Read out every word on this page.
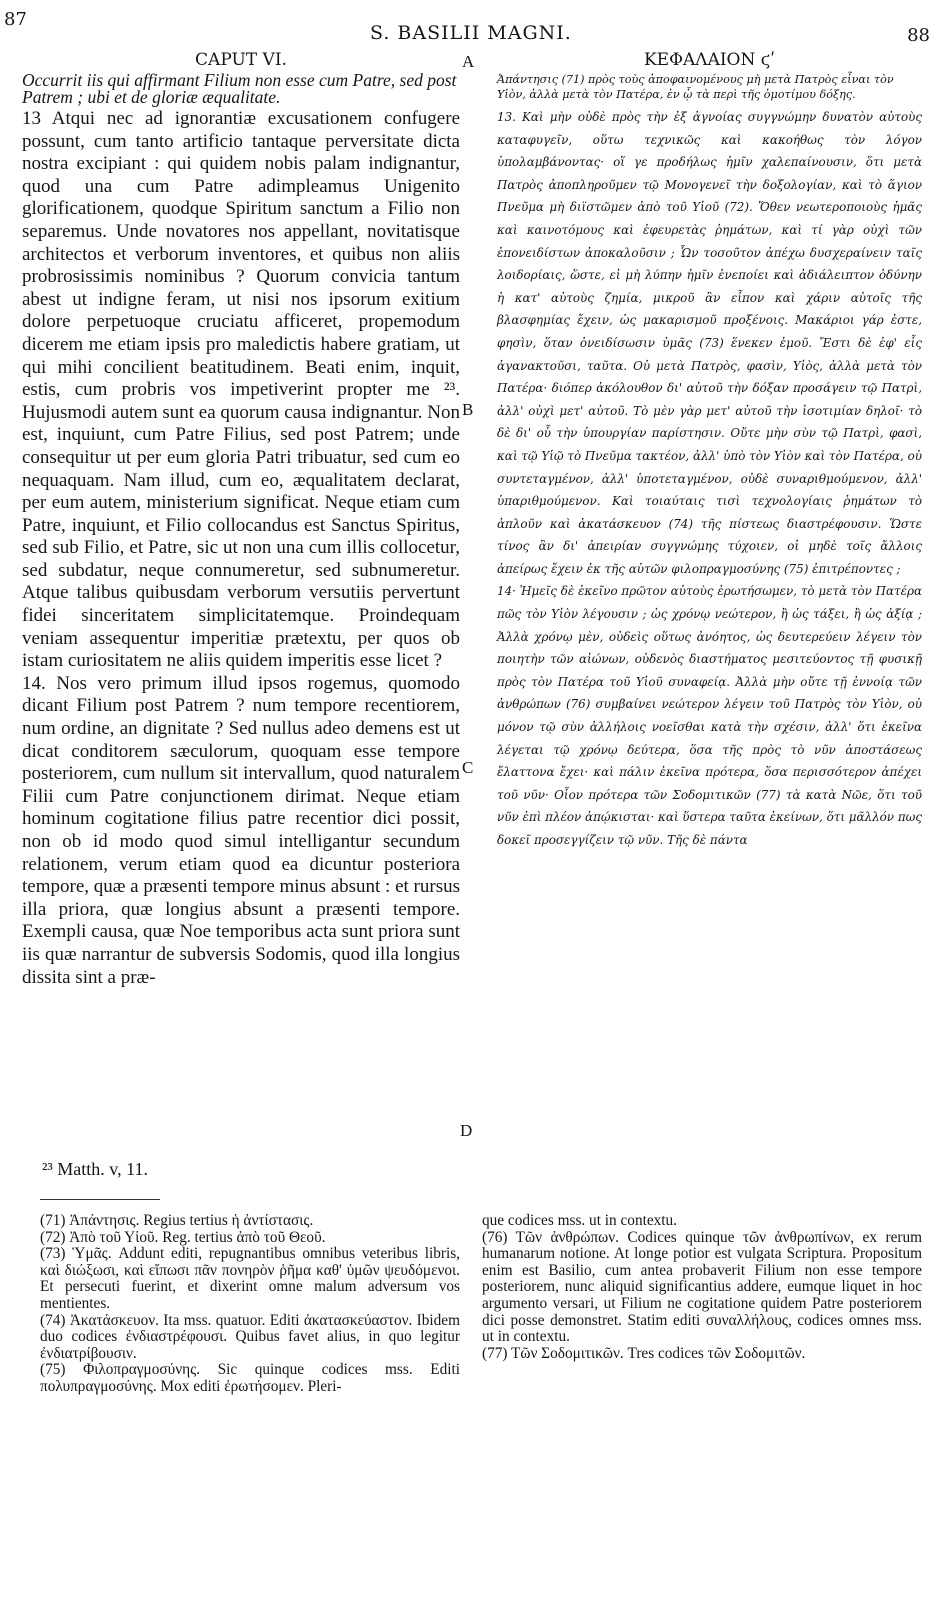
87
S. BASILII MAGNI.	88
CAPUT VI.
Occurrit iis qui affirmant Filium non esse cum Patre, sed post Patrem ; ubi et de gloriæ æqualitate.
13 Atqui nec ad ignorantiæ excusationem confugere possunt, cum tanto artificio tantaque perversitate dicta nostra excipiant : qui quidem nobis palam indignantur, quod una cum Patre adimpleamus Unigenito glorificationem, quodque Spiritum sanctum a Filio non separemus. Unde novatores nos appellant, novitatisque architectos et verborum inventores, et quibus non aliis probrosissimis nominibus ? Quorum convicia tantum abest ut indigne feram, ut nisi nos ipsorum exitium dolore perpetuoque cruciatu afficeret, propemodum dicerem me etiam ipsis pro maledictis habere gratiam, ut qui mihi concilient beatitudinem. Beati enim, inquit, estis, cum probris vos impetiverint propter me ²³. Hujusmodi autem sunt ea quorum causa indignantur. Non est, inquiunt, cum Patre Filius, sed post Patrem; unde consequitur ut per eum gloria Patri tribuatur, sed cum eo nequaquam. Nam illud, cum eo, æqualitatem declarat, per eum autem, ministerium significat. Neque etiam cum Patre, inquiunt, et Filio collocandus est Sanctus Spiritus, sed sub Filio, et Patre, sic ut non una cum illis collocetur, sed subdatur, neque connumeretur, sed subnumeretur. Atque talibus quibusdam verborum versutiis pervertunt fidei sinceritatem simplicitatemque. Proindequam veniam assequentur imperitiæ prætextu, per quos ob istam curiositatem ne aliis quidem imperitis esse licet ?
14. Nos vero primum illud ipsos rogemus, quomodo dicant Filium post Patrem ? num tempore recentiorem, num ordine, an dignitate ? Sed nullus adeo demens est ut dicat conditorem sæculorum, quoquam esse tempore posteriorem, cum nullum sit intervallum, quod naturalem Filii cum Patre conjunctionem dirimat. Neque etiam hominum cogitatione filius patre recentior dici possit, non ob id modo quod simul intelligantur secundum relationem, verum etiam quod ea dicuntur posteriora tempore, quæ a præsenti tempore minus absunt : et rursus illa priora, quæ longius absunt a præsenti tempore. Exempli causa, quæ Noe temporibus acta sunt priora sunt iis quæ narrantur de subversis Sodomis, quod illa longius dissita sint a præ-
A
B
C
D
ΚΕΦΑΛΑΙΟΝ ϛʹ
Ἀπάντησις (71) πρὸς τοὺς ἀποφαινομένους μὴ μετὰ Πατρὸς εἶναι τὸν Υἱὸν, ἀλλὰ μετὰ τὸν Πατέρα, ἐν ᾧ τὰ περὶ τῆς ὁμοτίμου δόξης.
13. Καὶ μὴν οὐδὲ πρὸς τὴν ἐξ ἀγνοίας συγγνώμην δυνατὸν αὐτοὺς καταφυγεῖν, οὕτω τεχνικῶς καὶ κακοήθως τὸν λόγον ὑπολαμβάνοντας· οἵ γε προδήλως ἡμῖν χαλεπαίνουσιν, ὅτι μετὰ Πατρὸς ἀποπληροῦμεν τῷ Μονογενεῖ τὴν δοξολογίαν, καὶ τὸ ἅγιον Πνεῦμα μὴ διϊστῶμεν ἀπὸ τοῦ Υἱοῦ (72). Ὅθεν νεωτεροποιοὺς ἡμᾶς καὶ καινοτόμους καὶ ἐφευρετὰς ῥημάτων, καὶ τί γὰρ οὐχὶ τῶν ἐπονειδίστων ἀποκαλοῦσιν ; Ὧν τοσοῦτον ἀπέχω δυσχεραίνειν ταῖς λοιδορίαις, ὥστε, εἰ μὴ λύπην ἡμῖν ἐνεποίει καὶ ἀδιάλειπτον ὀδύνην ἡ κατ' αὐτοὺς ζημία, μικροῦ ἂν εἶπον καὶ χάριν αὐτοῖς τῆς βλασφημίας ἔχειν, ὡς μακαρισμοῦ προξένοις. Μακάριοι γάρ ἐστε, φησὶν, ὅταν ὀνειδίσωσιν ὑμᾶς (73) ἕνεκεν ἐμοῦ. Ἔστι δὲ ἐφ' εἷς ἀγανακτοῦσι, ταῦτα. Οὐ μετὰ Πατρὸς, φασὶν, Υἱὸς, ἀλλὰ μετὰ τὸν Πατέρα· διόπερ ἀκόλουθον δι' αὐτοῦ τὴν δόξαν προσάγειν τῷ Πατρὶ, ἀλλ' οὐχὶ μετ' αὐτοῦ. Τὸ μὲν γὰρ μετ' αὐτοῦ τὴν ἰσοτιμίαν δηλοῖ· τὸ δὲ δι' οὗ τὴν ὑπουργίαν παρίστησιν. Οὔτε μὴν σὺν τῷ Πατρὶ, φασὶ, καὶ τῷ Υἱῷ τὸ Πνεῦμα τακτέον, ἀλλ' ὑπὸ τὸν Υἱὸν καὶ τὸν Πατέρα, οὐ συντεταγμένον, ἀλλ' ὑποτεταγμένον, οὐδὲ συναριθμούμενον, ἀλλ' ὑπαριθμούμενον. Καὶ τοιαύταις τισὶ τεχνολογίαις ῥημάτων τὸ ἁπλοῦν καὶ ἀκατάσκευον (74) τῆς πίστεως διαστρέφουσιν. Ὥστε τίνος ἂν δι' ἀπειρίαν συγγνώμης τύχοιεν, οἱ μηδὲ τοῖς ἄλλοις ἀπείρως ἔχειν ἐκ τῆς αὐτῶν φιλοπραγμοσύνης (75) ἐπιτρέποντες ;
14· Ἡμεῖς δὲ ἐκεῖνο πρῶτον αὐτοὺς ἐρωτήσωμεν, τὸ μετὰ τὸν Πατέρα πῶς τὸν Υἱὸν λέγουσιν ; ὡς χρόνῳ νεώτερον, ἢ ὡς τάξει, ἢ ὡς ἀξίᾳ ; Ἀλλὰ χρόνῳ μὲν, οὐδεὶς οὕτως ἀνόητος, ὡς δευτερεύειν λέγειν τὸν ποιητὴν τῶν αἰώνων, οὐδενὸς διαστήματος μεσιτεύοντος τῇ φυσικῇ πρὸς τὸν Πατέρα τοῦ Υἱοῦ συναφείᾳ. Ἀλλὰ μὴν οὔτε τῇ ἐννοίᾳ τῶν ἀνθρώπων (76) συμβαίνει νεώτερον λέγειν τοῦ Πατρὸς τὸν Υἱὸν, οὐ μόνον τῷ σὺν ἀλλήλοις νοεῖσθαι κατὰ τὴν σχέσιν, ἀλλ' ὅτι ἐκεῖνα λέγεται τῷ χρόνῳ δεύτερα, ὅσα τῆς πρὸς τὸ νῦν ἀποστάσεως ἔλαττονα ἔχει· καὶ πάλιν ἐκεῖνα πρότερα, ὅσα περισσότερον ἀπέχει τοῦ νῦν· Οἷον πρότερα τῶν Σοδομιτικῶν (77) τὰ κατὰ Νῶε, ὅτι τοῦ νῦν ἐπὶ πλέον ἀπῴκισται· καὶ ὕστερα ταῦτα ἐκείνων, ὅτι μᾶλλόν πως δοκεῖ προσεγγίζειν τῷ νῦν. Τῆς δὲ πάντα
²³ Matth. v, 11.
(71) Ἀπάντησις. Regius tertius ἡ ἀντίστασις.
(72) Ἀπὸ τοῦ Υἱοῦ. Reg. tertius ἀπὸ τοῦ Θεοῦ.
(73) Ὑμᾶς. Addunt editi, repugnantibus omnibus veteribus libris, καὶ διώξωσι, καὶ εἴπωσι πᾶν πονηρὸν ῥῆμα καθ' ὑμῶν ψευδόμενοι. Et persecuti fuerint, et dixerint omne malum adversum vos mentientes.
(74) Ἀκατάσκευον. Ita mss. quatuor. Editi ἀκατασκεύαστον. Ibidem duo codices ἐνδιαστρέφουσι. Quibus favet alius, in quo legitur ἐνδιατρίβουσιν.
(75) Φιλοπραγμοσύνης. Sic quinque codices mss. Editi πολυπραγμοσύνης. Mox editi ἐρωτήσομεν. Pleri-
que codices mss. ut in contextu.
(76) Τῶν ἀνθρώπων. Codices quinque τῶν ἀνθρωπίνων, ex rerum humanarum notione. At longe potior est vulgata Scriptura. Propositum enim est Basilio, cum antea probaverit Filium non esse tempore posteriorem, nunc aliquid significantius addere, eumque liquet in hoc argumento versari, ut Filium ne cogitatione quidem Patre posteriorem dici posse demonstret. Statim editi συναλλήλους, codices omnes mss. ut in contextu.
(77) Τῶν Σοδομιτικῶν. Tres codices τῶν Σοδομιτῶν.
